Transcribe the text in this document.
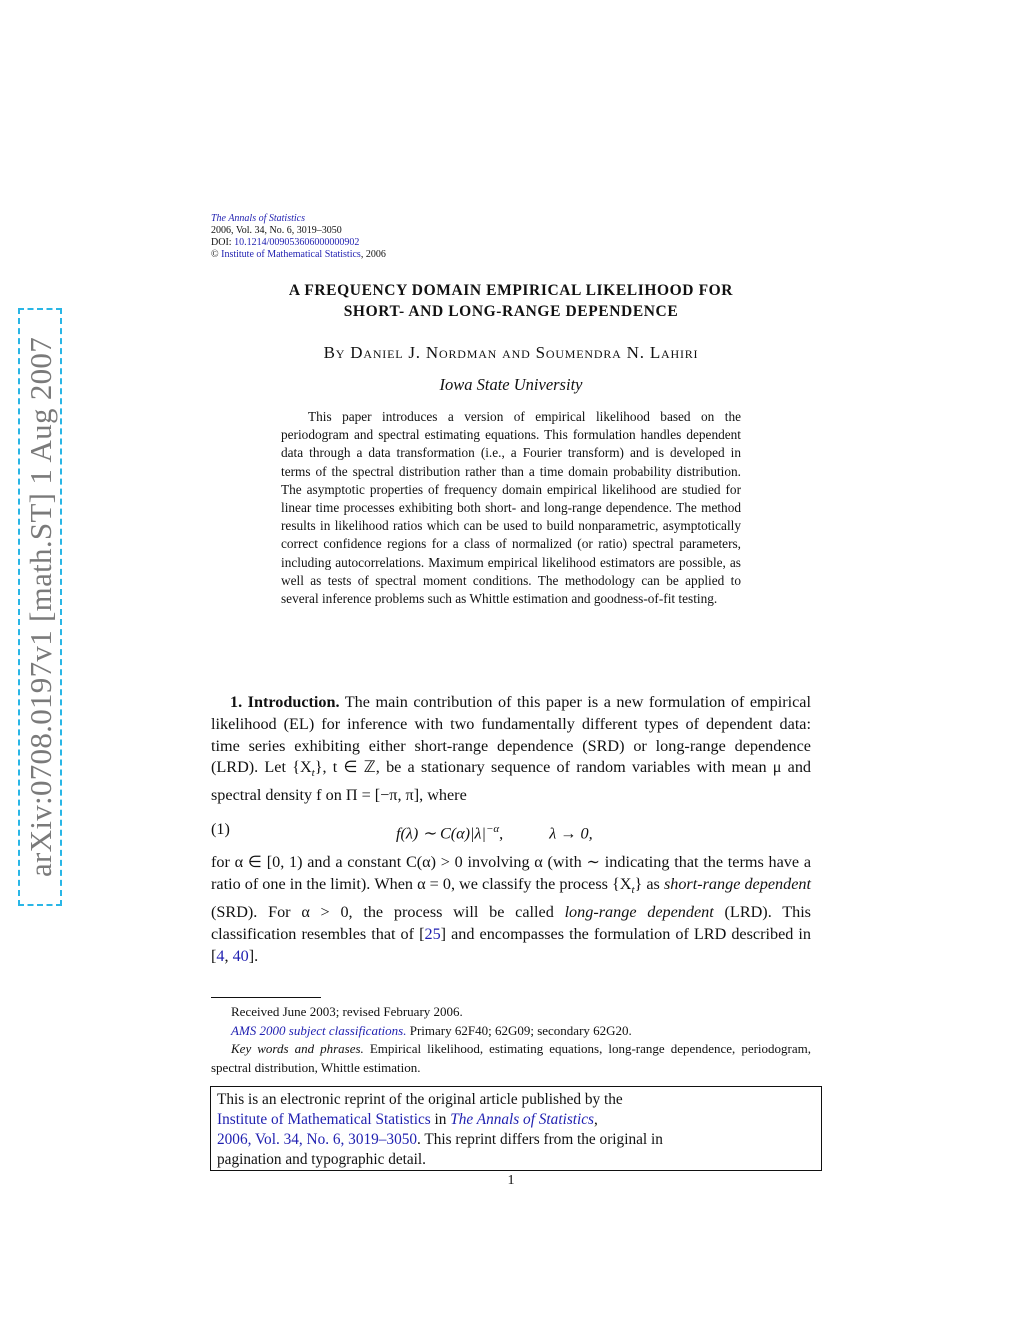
arXiv:0708.0197v1 [math.ST] 1 Aug 2007
The Annals of Statistics
2006, Vol. 34, No. 6, 3019–3050
DOI: 10.1214/009053606000000902
© Institute of Mathematical Statistics, 2006
A FREQUENCY DOMAIN EMPIRICAL LIKELIHOOD FOR
SHORT- AND LONG-RANGE DEPENDENCE
By Daniel J. Nordman and Soumendra N. Lahiri
Iowa State University
This paper introduces a version of empirical likelihood based on the periodogram and spectral estimating equations. This formulation handles dependent data through a data transformation (i.e., a Fourier transform) and is developed in terms of the spectral distribution rather than a time domain probability distribution. The asymptotic properties of frequency domain empirical likelihood are studied for linear time processes exhibiting both short- and long-range dependence. The method results in likelihood ratios which can be used to build nonparametric, asymptotically correct confidence regions for a class of normalized (or ratio) spectral parameters, including autocorrelations. Maximum empirical likelihood estimators are possible, as well as tests of spectral moment conditions. The methodology can be applied to several inference problems such as Whittle estimation and goodness-of-fit testing.

1. Introduction. The main contribution of this paper is a new formulation of empirical likelihood (EL) for inference with two fundamentally different types of dependent data: time series exhibiting either short-range dependence (SRD) or long-range dependence (LRD). Let $\{X_t\}$, t ∈ ℤ, be a stationary sequence of random variables with mean μ and spectral density f on Π = [−π, π], where

(1)	f(λ) ∼ $C(\alpha)|\lambda|^{-\alpha}$,	λ → 0,

for α ∈ [0, 1) and a constant C(α) > 0 involving α (with ∼ indicating that the terms have a ratio of one in the limit). When α = 0, we classify the process $\{X_t\}$ as short-range dependent (SRD). For α > 0, the process will be called long-range dependent (LRD). This classification resembles that of [25] and encompasses the formulation of LRD described in [4, 40].

Received June 2003; revised February 2006.

AMS 2000 subject classifications. Primary 62F40; 62G09; secondary 62G20.

Key words and phrases. Empirical likelihood, estimating equations, long-range dependence, periodogram, spectral distribution, Whittle estimation.

This is an electronic reprint of the original article published by the
Institute of Mathematical Statistics in The Annals of Statistics,
2006, Vol. 34, No. 6, 3019–3050. This reprint differs from the original in
pagination and typographic detail.
1
